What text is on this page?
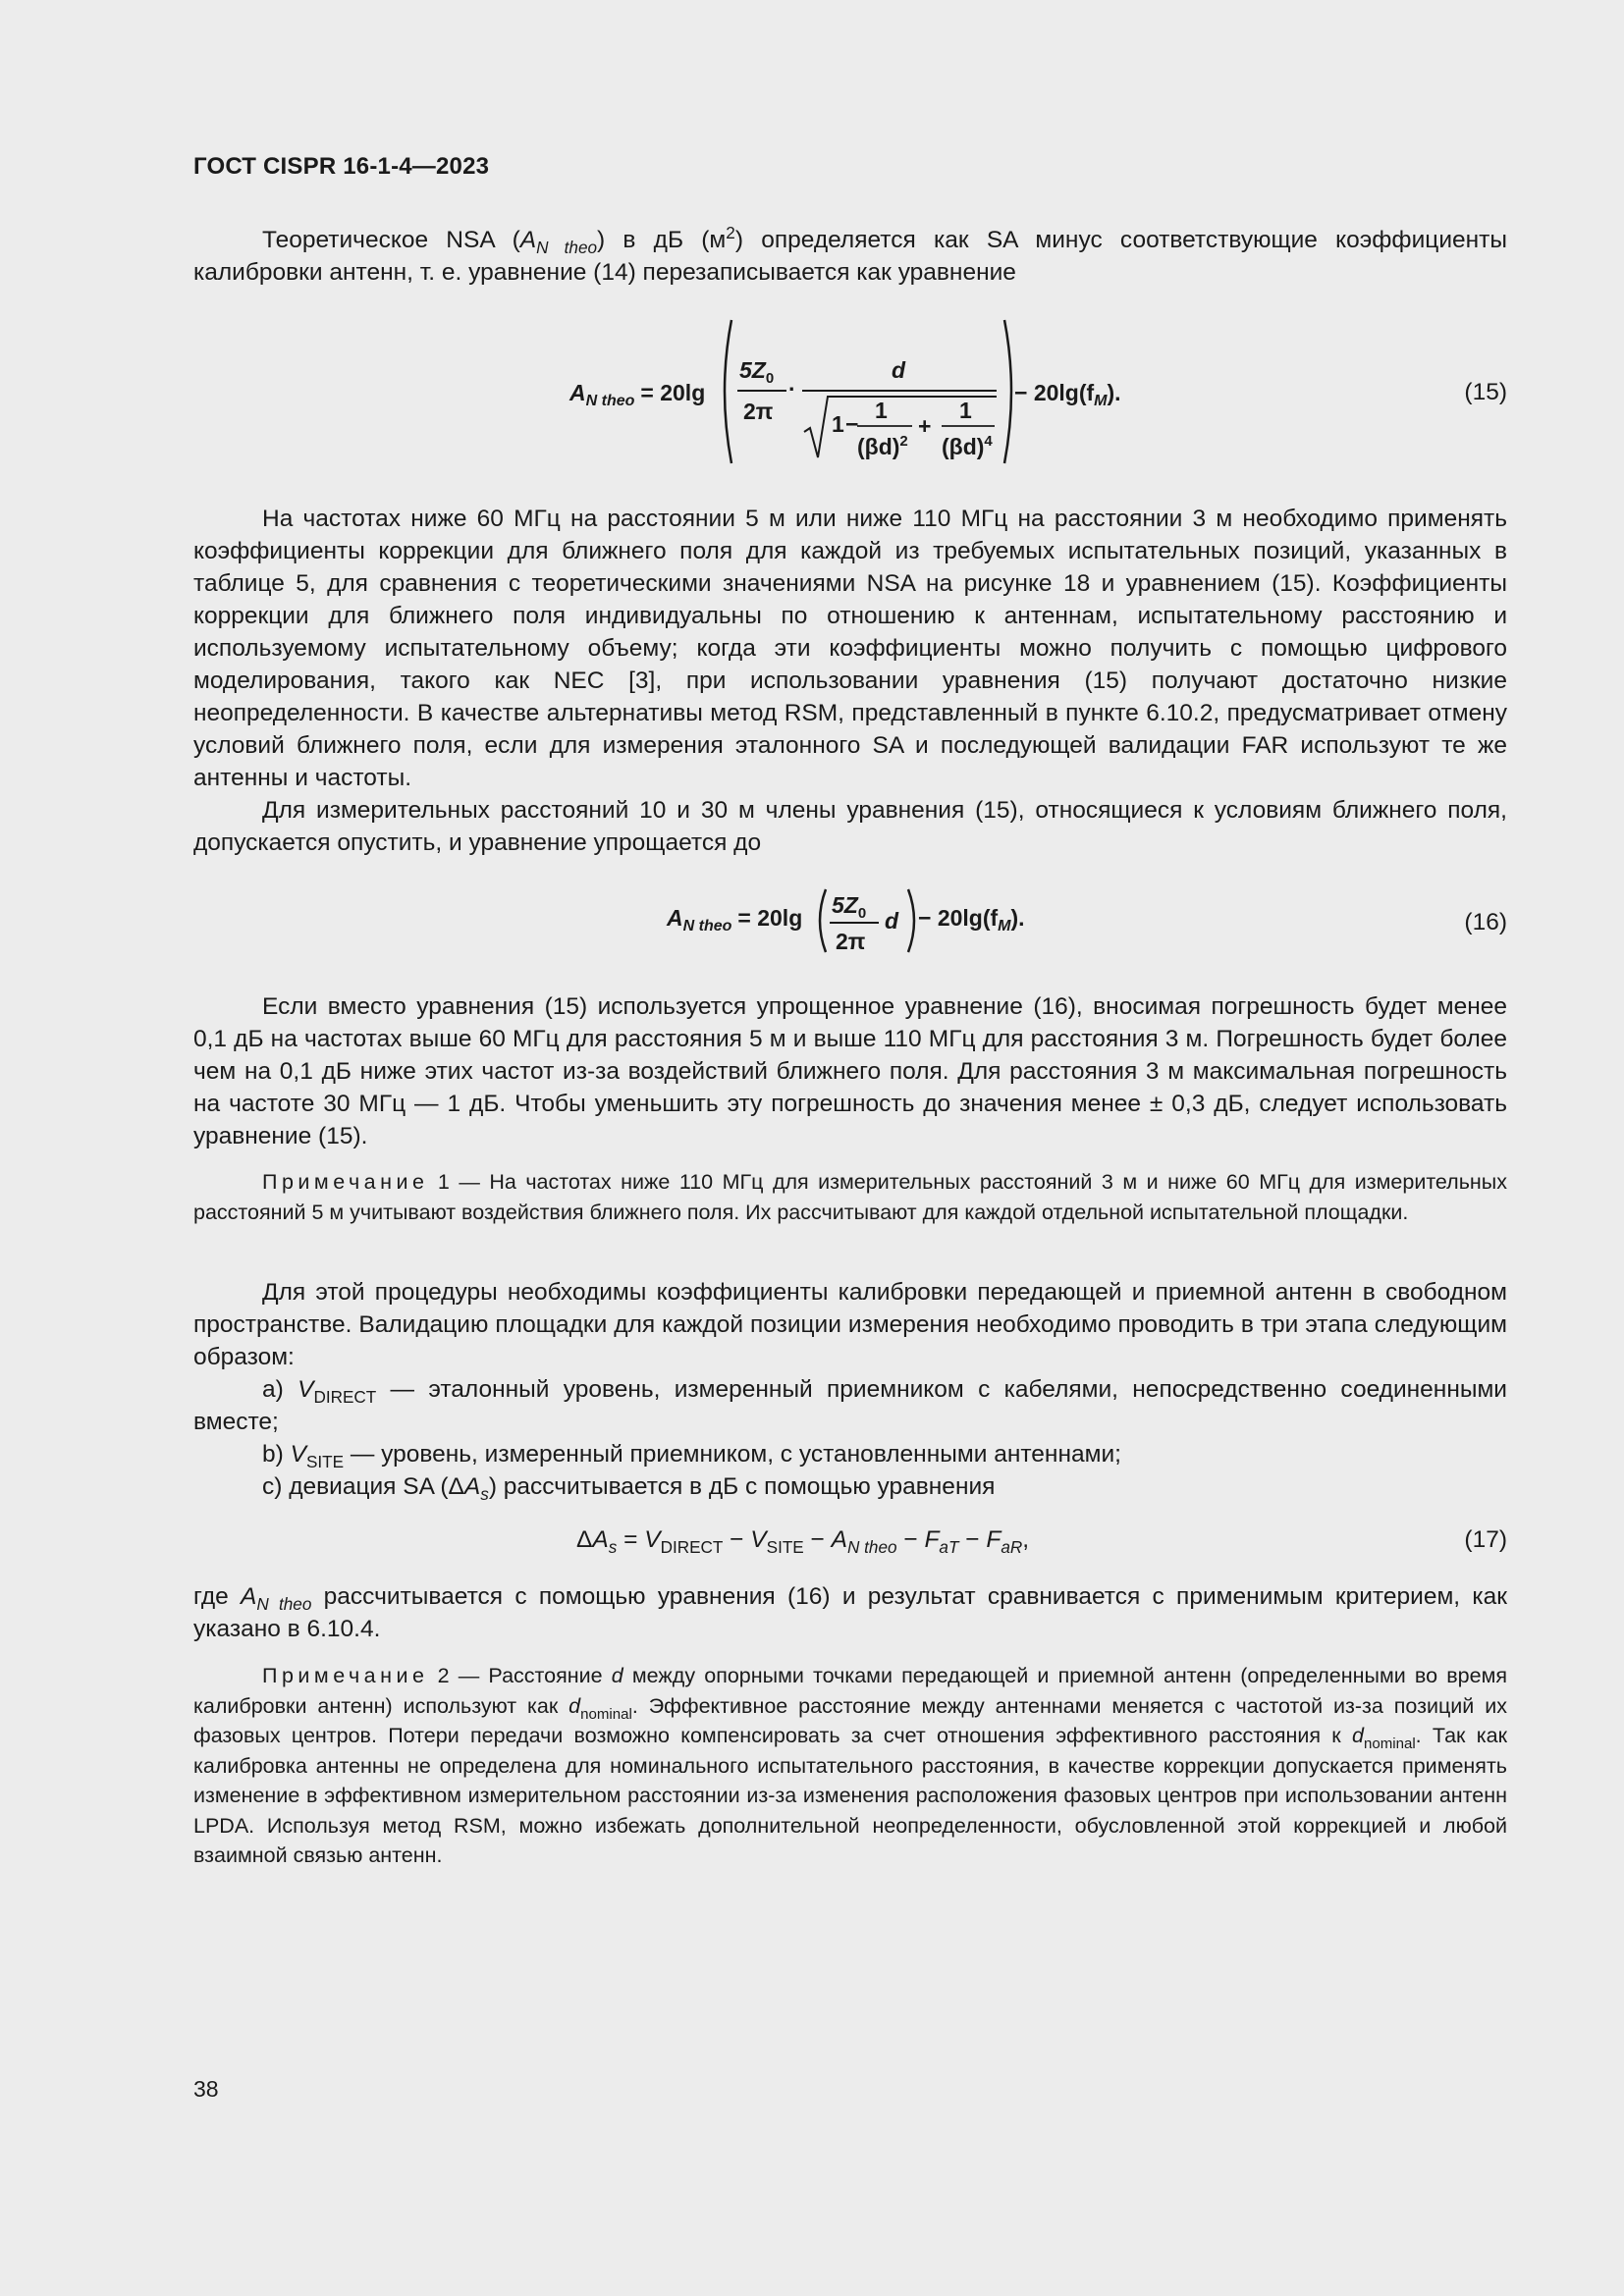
ГОСТ CISPR 16-1-4—2023

Теоретическое NSA $(A_{N theo})$ в дБ $(м^2)$ определяется как SA минус соответствующие коэффициенты калибровки антенн, т. е. уравнение (14) перезаписывается как уравнение

$A_{N theo} = 20\lg$
$5Z_0$
2π
·
d
1 −
1
$(\beta d)^2$
+
1
$(\beta d)^4$
− $20\lg(f_M)$.	(15)

На частотах ниже 60 МГц на расстоянии 5 м или ниже 110 МГц на расстоянии 3 м необходимо применять коэффициенты коррекции для ближнего поля для каждой из требуемых испытательных позиций, указанных в таблице 5, для сравнения с теоретическими значениями NSA на рисунке 18 и уравнением (15). Коэффициенты коррекции для ближнего поля индивидуальны по отношению к антеннам, испытательному расстоянию и используемому испытательному объему; когда эти коэффициенты можно получить с помощью цифрового моделирования, такого как NEC [3], при использовании уравнения (15) получают достаточно низкие неопределенности. В качестве альтернативы метод RSM, представленный в пункте 6.10.2, предусматривает отмену условий ближнего поля, если для измерения эталонного SA и последующей валидации FAR используют те же антенны и частоты.

Для измерительных расстояний 10 и 30 м члены уравнения (15), относящиеся к условиям ближнего поля, допускается опустить, и уравнение упрощается до

$A_{N theo} = 20\lg$ $5Z_0$
2π
$d - 20\lg(f_M)$.	(16)

Если вместо уравнения (15) используется упрощенное уравнение (16), вносимая погрешность будет менее 0,1 дБ на частотах выше 60 МГц для расстояния 5 м и выше 110 МГц для расстояния 3 м. Погрешность будет более чем на 0,1 дБ ниже этих частот из-за воздействий ближнего поля. Для расстояния 3 м максимальная погрешность на частоте 30 МГц — 1 дБ. Чтобы уменьшить эту погрешность до значения менее ± 0,3 дБ, следует использовать уравнение (15).

Примечание 1 — На частотах ниже 110 МГц для измерительных расстояний 3 м и ниже 60 МГц для измерительных расстояний 5 м учитывают воздействия ближнего поля. Их рассчитывают для каждой отдельной испытательной площадки.

Для этой процедуры необходимы коэффициенты калибровки передающей и приемной антенн в свободном пространстве. Валидацию площадки для каждой позиции измерения необходимо проводить в три этапа следующим образом:

a) $V_{DIRECT}$ — эталонный уровень, измеренный приемником с кабелями, непосредственно соединенными вместе;

b) $V_{SITE}$ — уровень, измеренный приемником, с установленными антеннами;

c) девиация SA $(\Delta A_s)$ рассчитывается в дБ с помощью уравнения

$\Delta A_s = V_{DIRECT} - V_{SITE} - A_{N theo} - F_{aT} - F_{aR}$,	(17)

где $A_{N theo}$ рассчитывается с помощью уравнения (16) и результат сравнивается с применимым критерием, как указано в 6.10.4.

Примечание 2 — Расстояние d между опорными точками передающей и приемной антенн (определенными во время калибровки антенн) используют как $d_{nominal}$. Эффективное расстояние между антеннами меняется с частотой из-за позиций их фазовых центров. Потери передачи возможно компенсировать за счет отношения эффективного расстояния к $d_{nominal}$. Так как калибровка антенны не определена для номинального испытательного расстояния, в качестве коррекции допускается применять изменение в эффективном измерительном расстоянии из-за изменения расположения фазовых центров при использовании антенн LPDA. Используя метод RSM, можно избежать дополнительной неопределенности, обусловленной этой коррекцией и любой взаимной связью антенн.

38
